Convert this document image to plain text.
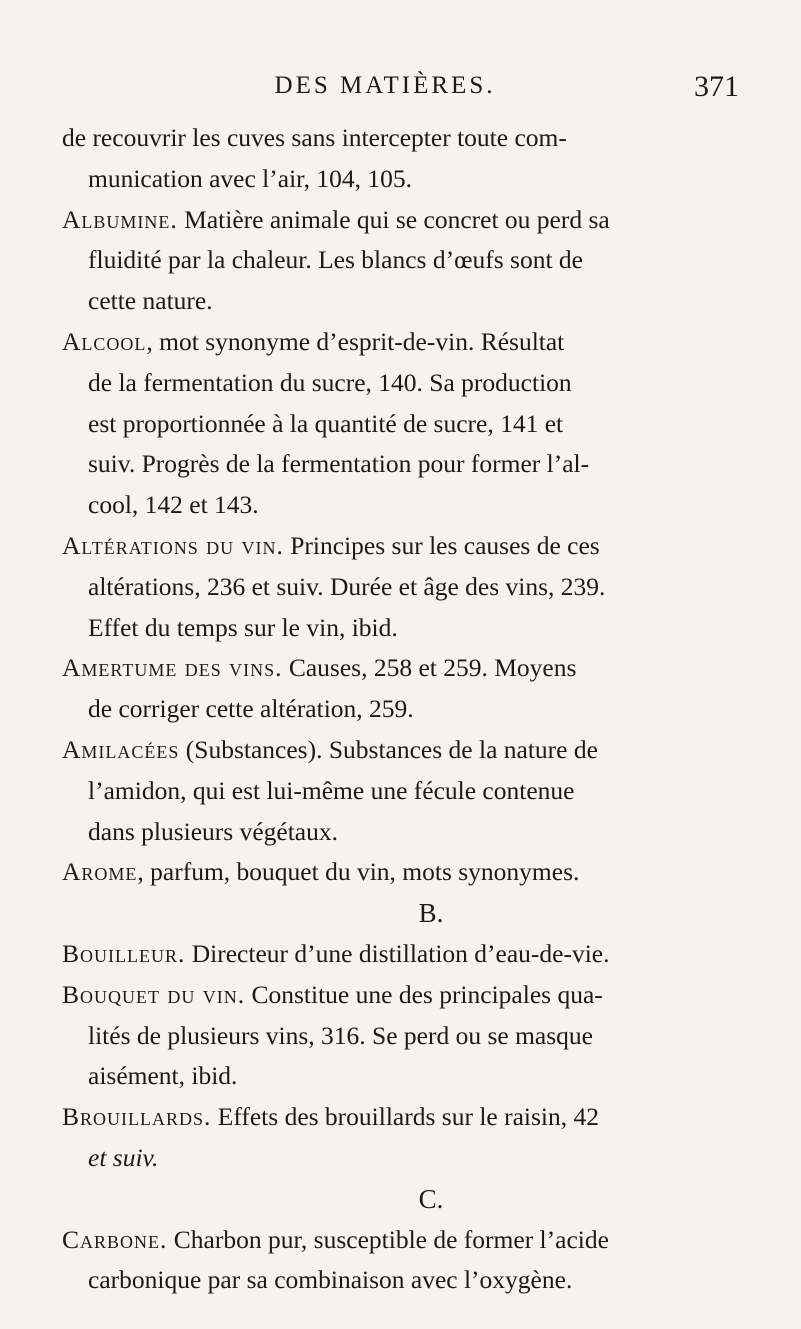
DES MATIÈRES.	371
de recouvrir les cuves sans intercepter toute com-
munication avec l’air, 104, 105.
Albumine. Matière animale qui se concret ou perd sa
fluidité par la chaleur. Les blancs d’œufs sont de
cette nature.
Alcool, mot synonyme d’esprit-de-vin. Résultat
de la fermentation du sucre, 140. Sa production
est proportionnée à la quantité de sucre, 141 et
suiv. Progrès de la fermentation pour former l’al-
cool, 142 et 143.
Altérations du vin. Principes sur les causes de ces
altérations, 236 et suiv. Durée et âge des vins, 239.
Effet du temps sur le vin, ibid.
Amertume des vins. Causes, 258 et 259. Moyens
de corriger cette altération, 259.
Amilacées (Substances). Substances de la nature de
l’amidon, qui est lui-même une fécule contenue
dans plusieurs végétaux.
Arome, parfum, bouquet du vin, mots synonymes.
B.
Bouilleur. Directeur d’une distillation d’eau-de-vie.
Bouquet du vin. Constitue une des principales qua-
lités de plusieurs vins, 316. Se perd ou se masque
aisément, ibid.
Brouillards. Effets des brouillards sur le raisin, 42
et suiv.
C.
Carbone. Charbon pur, susceptible de former l’acide
carbonique par sa combinaison avec l’oxygène.
